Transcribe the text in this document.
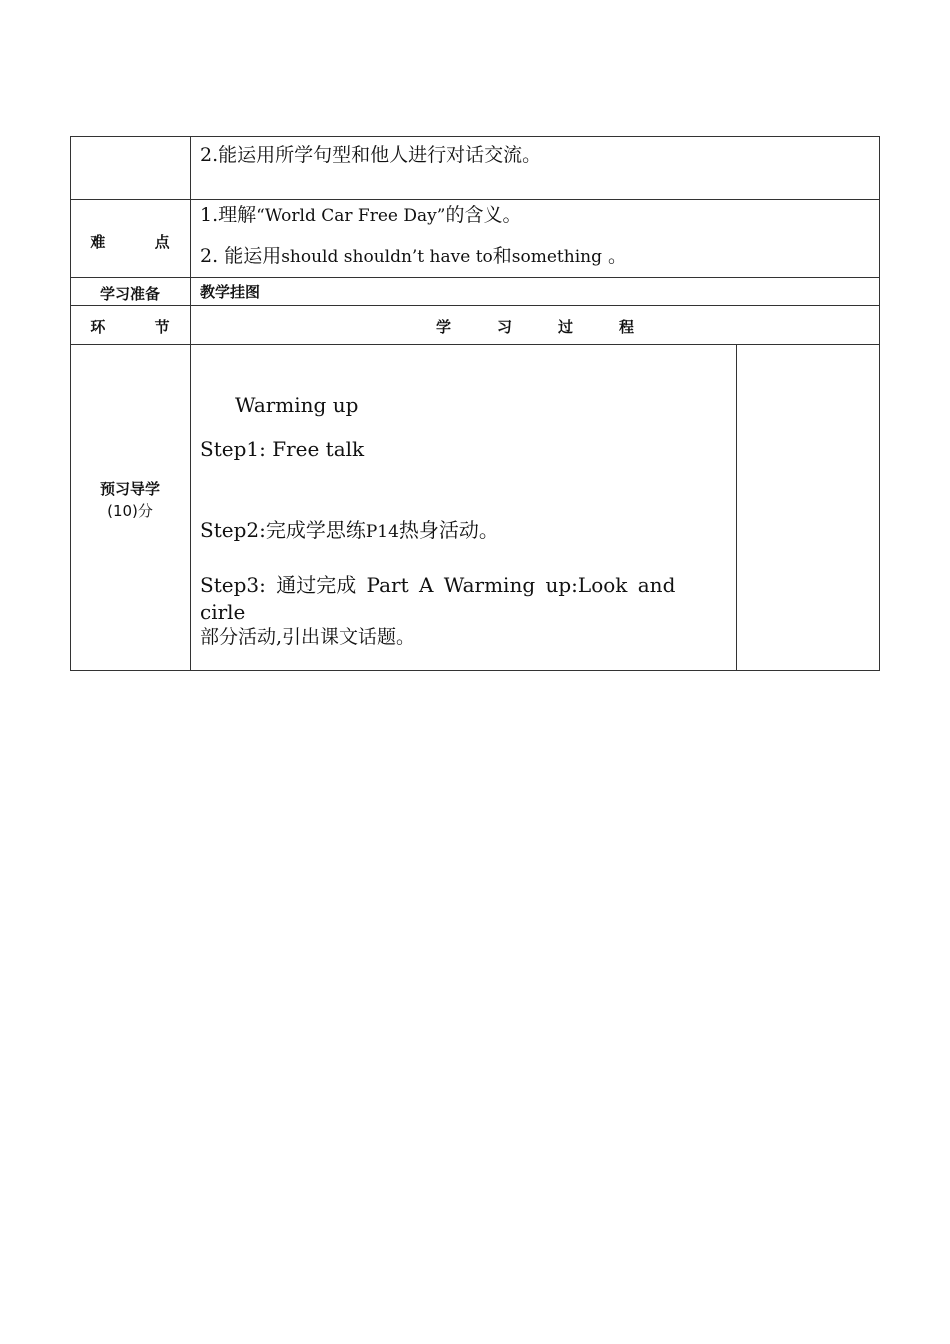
2.能运用所学句型和他人进行对话交流。
难 点
1.理解“World Car Free Day”的含义。
2. 能运用should shouldn’t have to和something 。
学习准备	教学挂图
环 节	学习过程
预习导学
(10)分
Warming up
Step1: Free talk
Step2:完成学思练P14热身活动。
Step3: 通过完成 Part A Warming up:Look and
cirle
部分活动,引出课文话题。
